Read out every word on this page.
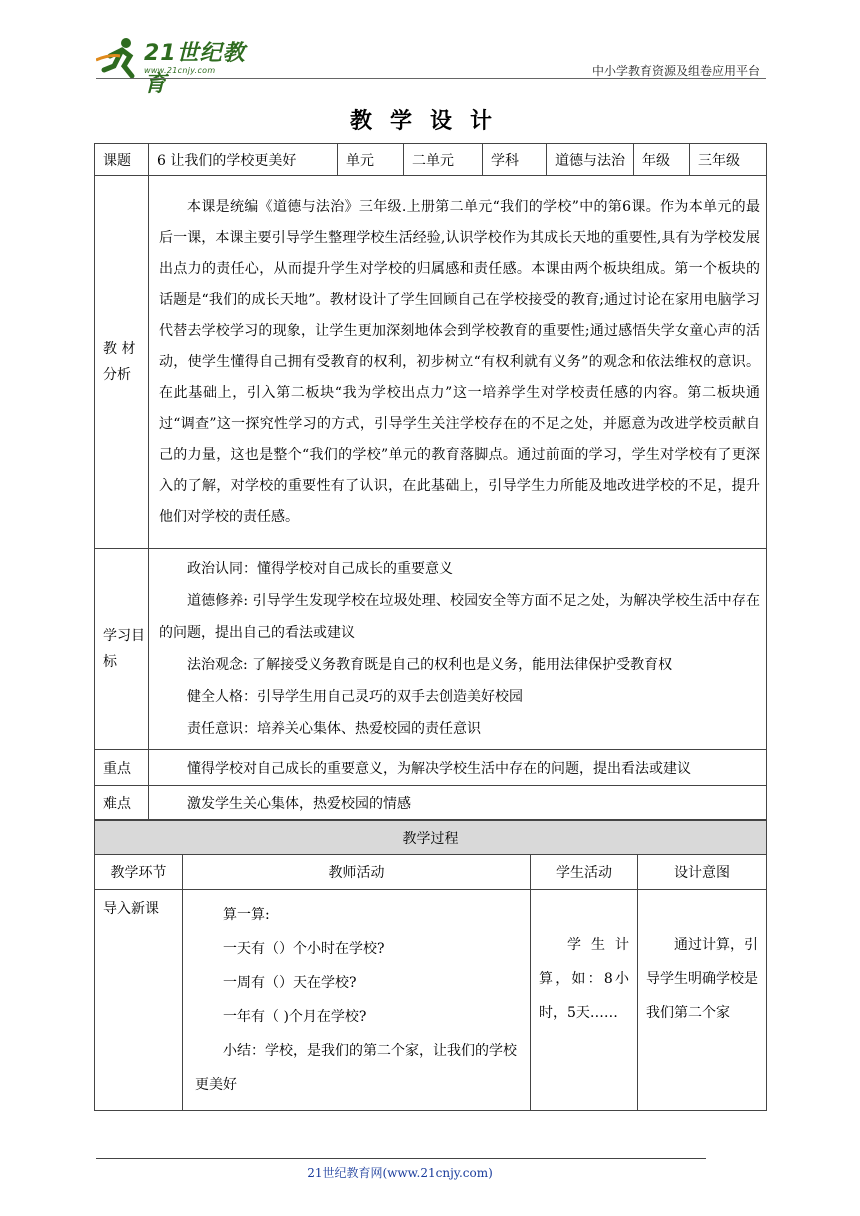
21世纪教育
www.21cnjy.com	中小学教育资源及组卷应用平台
教学设计
课题	6 让我们的学校更美好	单元	二单元	学科	道德与法治	年级	三年级
教 材分析	本课是统编《道德与法治》三年级.上册第二单元“我们的学校”中的第6课。作为本单元的最后一课，本课主要引导学生整理学校生活经验,认识学校作为其成长天地的重要性,具有为学校发展出点力的责任心，从而提升学生对学校的归属感和责任感。本课由两个板块组成。第一个板块的话题是“我们的成长天地”。教材设计了学生回顾自己在学校接受的教育;通过讨论在家用电脑学习代替去学校学习的现象，让学生更加深刻地体会到学校教育的重要性;通过感悟失学女童心声的活动，使学生懂得自己拥有受教育的权利，初步树立“有权利就有义务”的观念和依法维权的意识。在此基础上，引入第二板块“我为学校出点力”这一培养学生对学校责任感的内容。第二板块通过“调查”这一探究性学习的方式，引导学生关注学校存在的不足之处，并愿意为改进学校贡献自己的力量，这也是整个“我们的学校”单元的教育落脚点。通过前面的学习，学生对学校有了更深入的了解，对学校的重要性有了认识，在此基础上，引导学生力所能及地改进学校的不足，提升他们对学校的责任感。						
学习目标	政治认同：懂得学校对自己成长的重要意义

道德修养: 引导学生发现学校在垃圾处理、校园安全等方面不足之处，为解决学校生活中存在的问题，提出自己的看法或建议

法治观念: 了解接受义务教育既是自己的权利也是义务，能用法律保护受教育权

健全人格：引导学生用自己灵巧的双手去创造美好校园

责任意识：培养关心集体、热爱校园的责任意识						

重点	懂得学校对自己成长的重要意义，为解决学校生活中存在的问题，提出看法或建议						
难点	激发学生关心集体，热爱校园的情感						
教学过程			
教学环节	教师活动	学生活动	设计意图
导入新课	算一算:

一天有（）个小时在学校?

一周有（）天在学校?

一年有（ )个月在学校?

小结：学校，是我们的第二个家，让我们的学校更美好	学生计算，如：8小时，5天……	通过计算，引导学生明确学校是我们第二个家
21世纪教育网(www.21cnjy.com)
